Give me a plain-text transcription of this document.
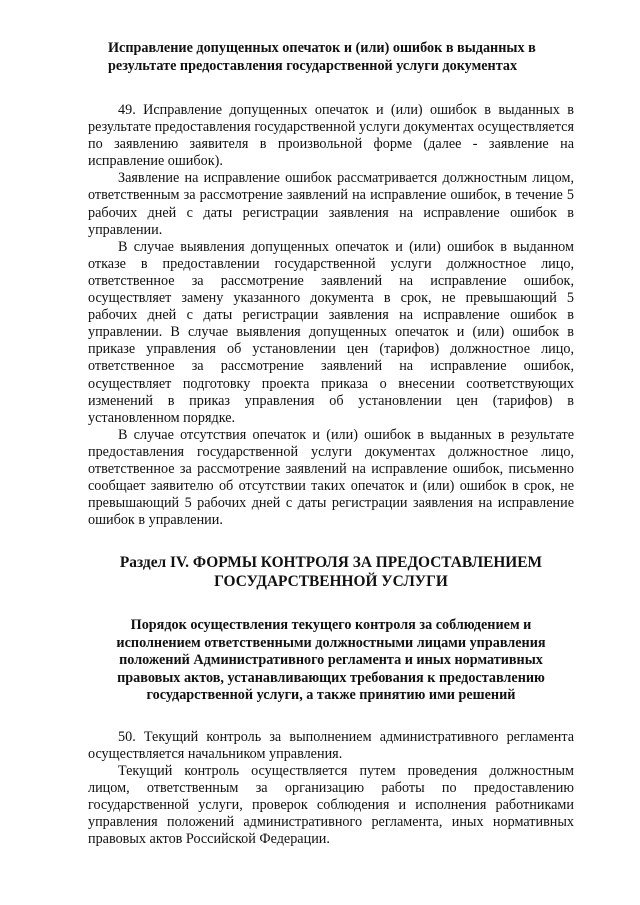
Исправление допущенных опечаток и (или) ошибок в выданных в
результате предоставления государственной услуги документах

49. Исправление допущенных опечаток и (или) ошибок в выданных в результате предоставления государственной услуги документах осуществляется по заявлению заявителя в произвольной форме (далее - заявление на исправление ошибок).

Заявление на исправление ошибок рассматривается должностным лицом, ответственным за рассмотрение заявлений на исправление ошибок, в течение 5 рабочих дней с даты регистрации заявления на исправление ошибок в управлении.

В случае выявления допущенных опечаток и (или) ошибок в выданном отказе в предоставлении государственной услуги должностное лицо, ответственное за рассмотрение заявлений на исправление ошибок, осуществляет замену указанного документа в срок, не превышающий 5 рабочих дней с даты регистрации заявления на исправление ошибок в управлении. В случае выявления допущенных опечаток и (или) ошибок в приказе управления об установлении цен (тарифов) должностное лицо, ответственное за рассмотрение заявлений на исправление ошибок, осуществляет подготовку проекта приказа о внесении соответствующих изменений в приказ управления об установлении цен (тарифов) в установленном порядке.

В случае отсутствия опечаток и (или) ошибок в выданных в результате предоставления государственной услуги документах должностное лицо, ответственное за рассмотрение заявлений на исправление ошибок, письменно сообщает заявителю об отсутствии таких опечаток и (или) ошибок в срок, не превышающий 5 рабочих дней с даты регистрации заявления на исправление ошибок в управлении.

Раздел IV. ФОРМЫ КОНТРОЛЯ ЗА ПРЕДОСТАВЛЕНИЕМ
ГОСУДАРСТВЕННОЙ УСЛУГИ
Порядок осуществления текущего контроля за соблюдением и
исполнением ответственными должностными лицами управления
положений Административного регламента и иных нормативных
правовых актов, устанавливающих требования к предоставлению
государственной услуги, а также принятию ими решений

50. Текущий контроль за выполнением административного регламента осуществляется начальником управления.

Текущий контроль осуществляется путем проведения должностным лицом, ответственным за организацию работы по предоставлению государственной услуги, проверок соблюдения и исполнения работниками управления положений административного регламента, иных нормативных правовых актов Российской Федерации.
